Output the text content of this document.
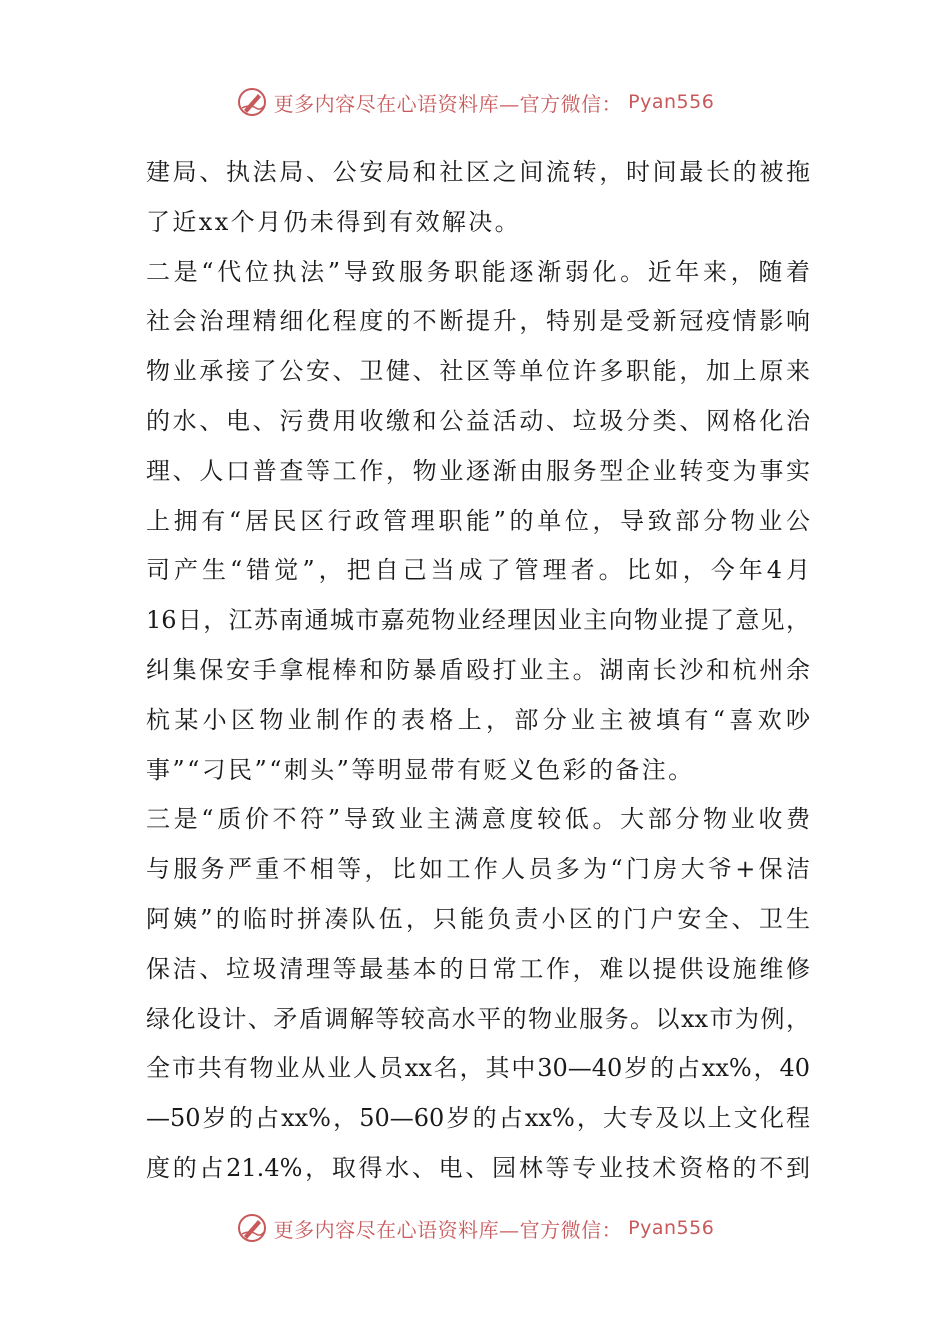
更多内容尽在心语资料库—官方微信： Pyan556
建局、执法局、公安局和社区之间流转，时间最长的被拖
了近xx个月仍未得到有效解决。
二是“代位执法”导致服务职能逐渐弱化。近年来，随着
社会治理精细化程度的不断提升，特别是受新冠疫情影响
物业承接了公安、卫健、社区等单位许多职能，加上原来
的水、电、污费用收缴和公益活动、垃圾分类、网格化治
理、人口普查等工作，物业逐渐由服务型企业转变为事实
上拥有“居民区行政管理职能”的单位，导致部分物业公
司产生“错觉”，把自己当成了管理者。比如，今年4月
16日，江苏南通城市嘉苑物业经理因业主向物业提了意见，
纠集保安手拿棍棒和防暴盾殴打业主。湖南长沙和杭州余
杭某小区物业制作的表格上，部分业主被填有“喜欢吵
事”“刁民”“刺头”等明显带有贬义色彩的备注。
三是“质价不符”导致业主满意度较低。大部分物业收费
与服务严重不相等，比如工作人员多为“门房大爷+保洁
阿姨”的临时拼凑队伍，只能负责小区的门户安全、卫生
保洁、垃圾清理等最基本的日常工作，难以提供设施维修
绿化设计、矛盾调解等较高水平的物业服务。以xx市为例，
全市共有物业从业人员xx名，其中30—40岁的占xx%，40
—50岁的占xx%，50—60岁的占xx%，大专及以上文化程
度的占21.4%，取得水、电、园林等专业技术资格的不到
更多内容尽在心语资料库—官方微信： Pyan556
